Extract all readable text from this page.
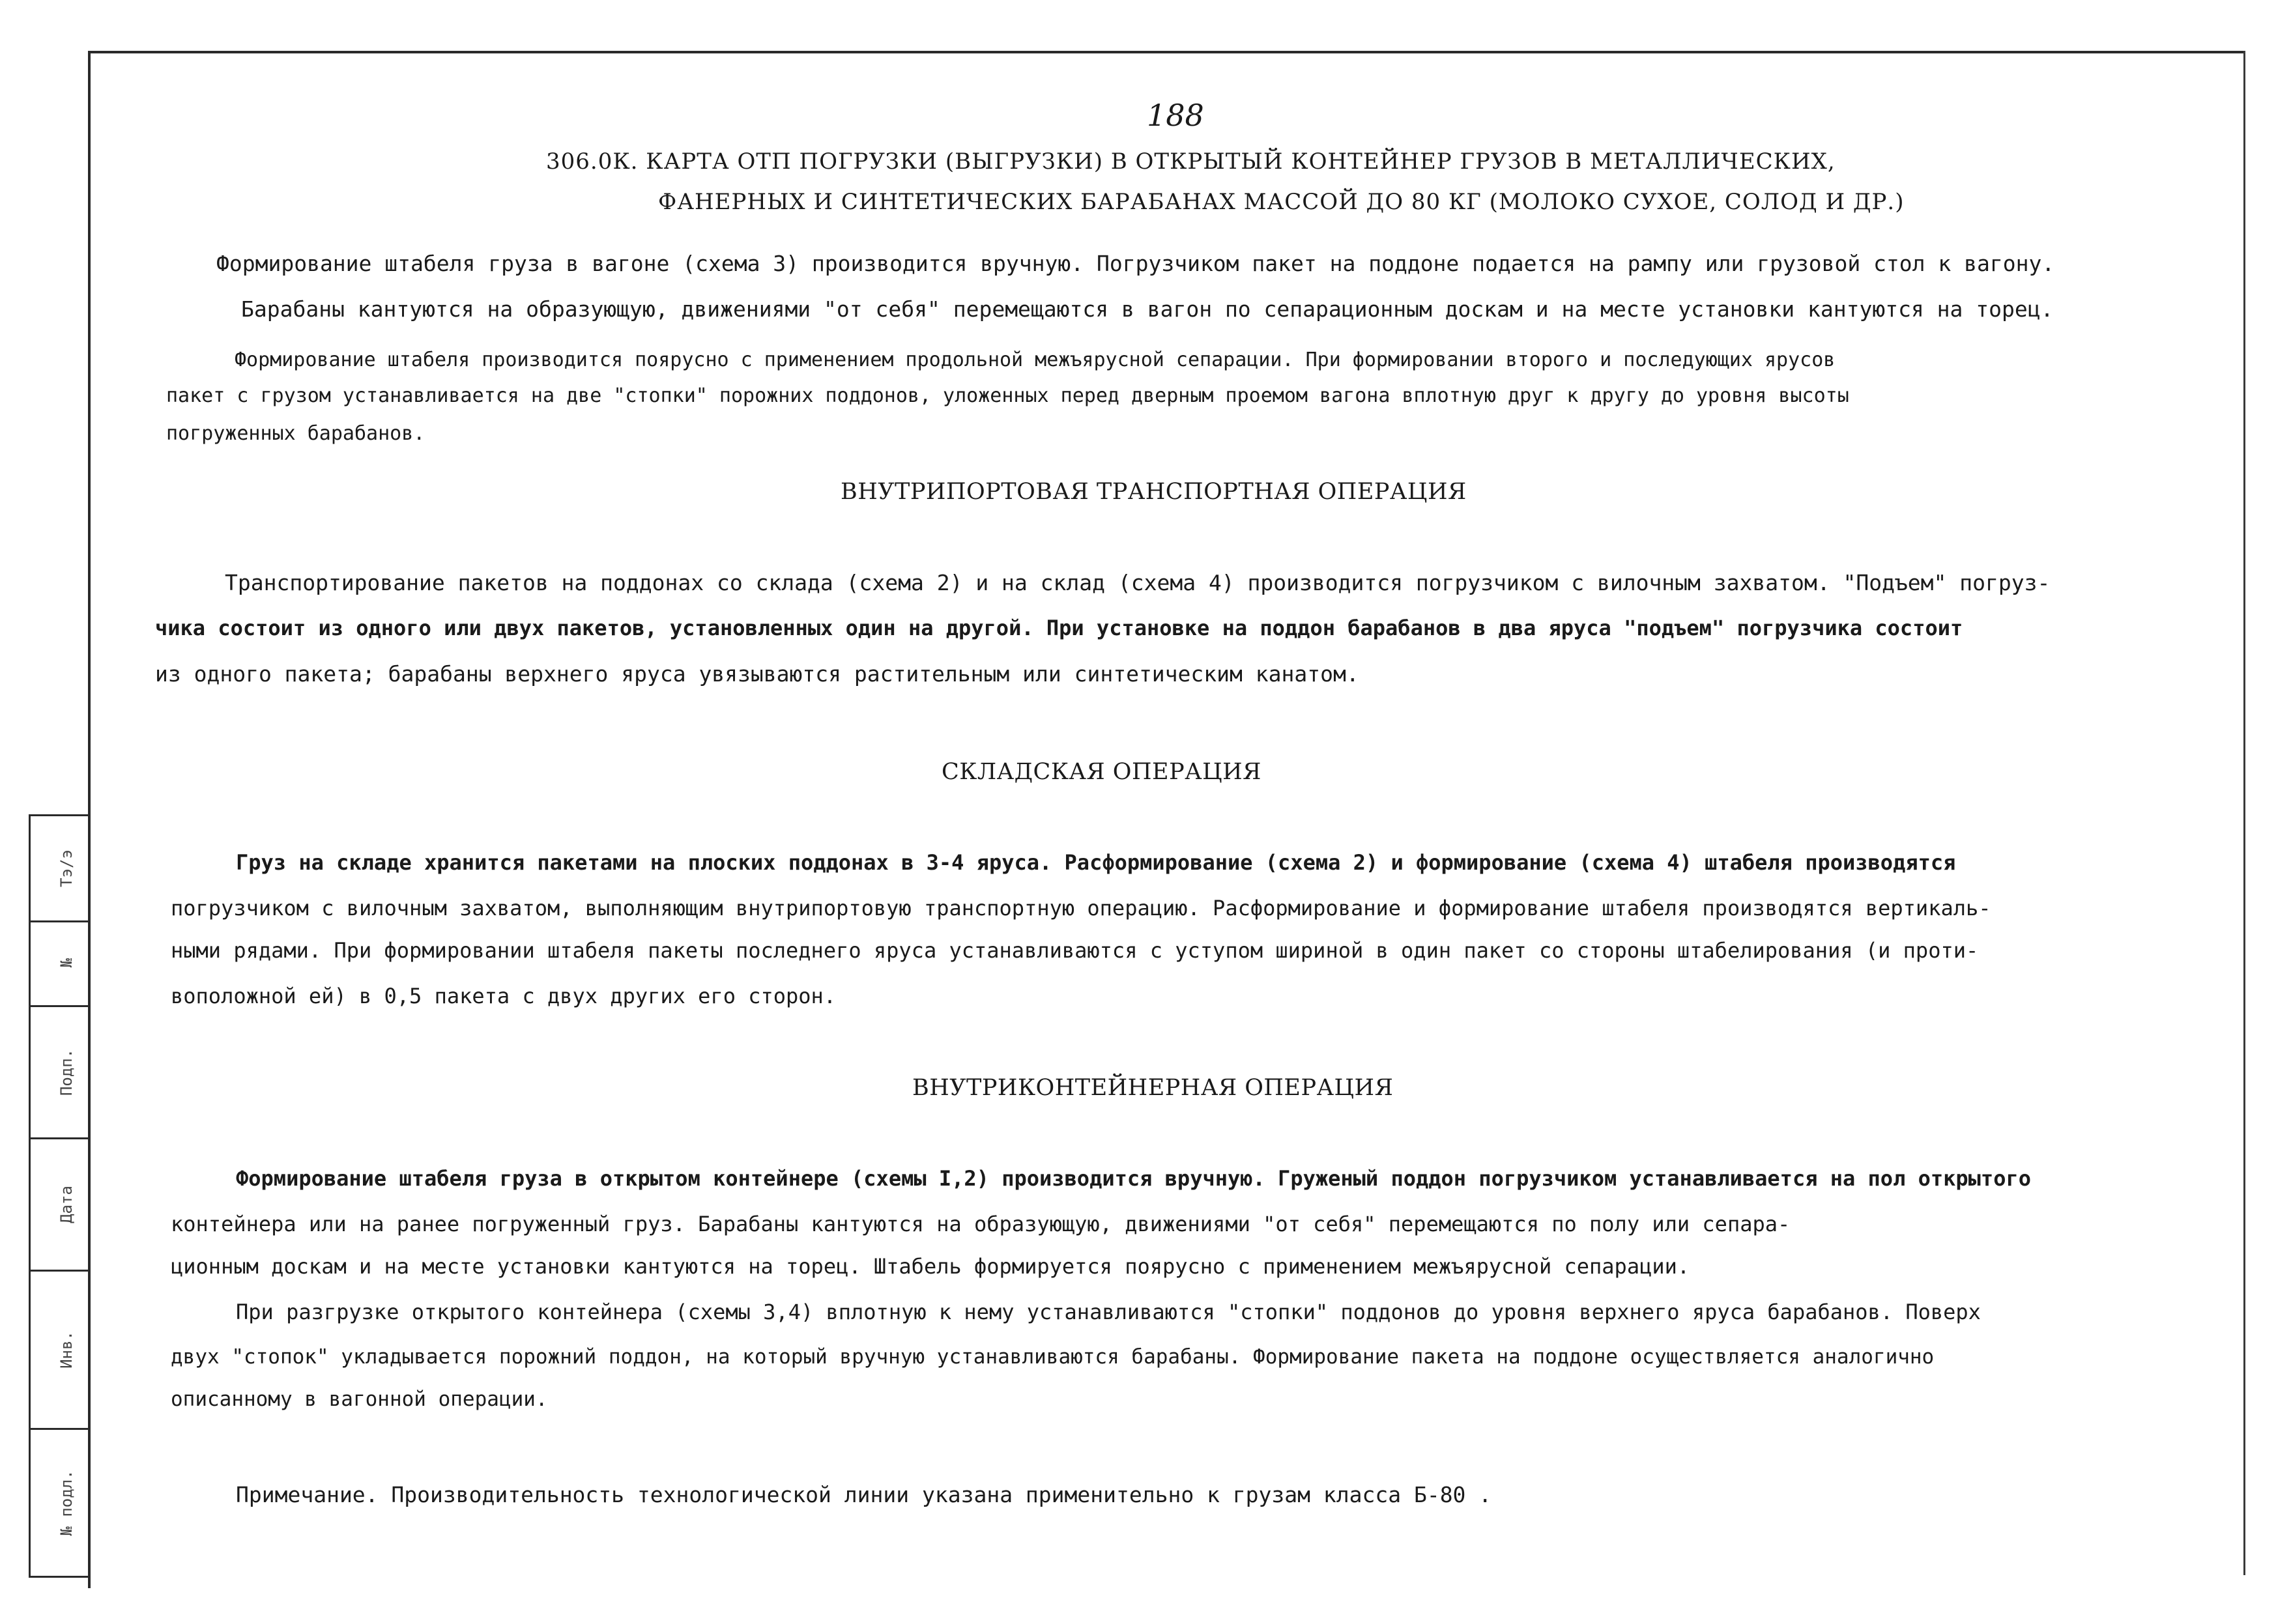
Тэ/э
№
Подп.
Дата
Инв.
№ подл.
188
306.0К. КАРТА ОТП ПОГРУЗКИ (ВЫГРУЗКИ) В ОТКРЫТЫЙ КОНТЕЙНЕР ГРУЗОВ В МЕТАЛЛИЧЕСКИХ,
ФАНЕРНЫХ И СИНТЕТИЧЕСКИХ БАРАБАНАХ МАССОЙ ДО 80 КГ (МОЛОКО СУХОЕ, СОЛОД И ДР.)
Формирование штабеля груза в вагоне (схема 3) производится вручную. Погрузчиком пакет на поддоне подается на рампу или грузовой стол к вагону.
Барабаны кантуются на образующую, движениями "от себя" перемещаются в вагон по сепарационным доскам и на месте установки кантуются на торец.
Формирование штабеля производится поярусно с применением продольной межъярусной сепарации. При формировании второго и последующих ярусов
пакет с грузом устанавливается на две "стопки" порожних поддонов, уложенных перед дверным проемом вагона вплотную друг к другу до уровня высоты
погруженных барабанов.
ВНУТРИПОРТОВАЯ ТРАНСПОРТНАЯ ОПЕРАЦИЯ
Транспортирование пакетов на поддонах со склада (схема 2) и на склад (схема 4) производится погрузчиком с вилочным захватом. "Подъем" погруз-
чика состоит из одного или двух пакетов, установленных один на другой. При установке на поддон барабанов в два яруса "подъем" погрузчика состоит
из одного пакета; барабаны верхнего яруса увязываются растительным или синтетическим канатом.
СКЛАДСКАЯ ОПЕРАЦИЯ
Груз на складе хранится пакетами на плоских поддонах в 3-4 яруса. Расформирование (схема 2) и формирование (схема 4) штабеля производятся
погрузчиком с вилочным захватом, выполняющим внутрипортовую транспортную операцию. Расформирование и формирование штабеля производятся вертикаль-
ными рядами. При формировании штабеля пакеты последнего яруса устанавливаются с уступом шириной в один пакет со стороны штабелирования (и проти-
воположной ей) в 0,5 пакета с двух других его сторон.
ВНУТРИКОНТЕЙНЕРНАЯ ОПЕРАЦИЯ
Формирование штабеля груза в открытом контейнере (схемы I,2) производится вручную. Груженый поддон погрузчиком устанавливается на пол открытого
контейнера или на ранее погруженный груз. Барабаны кантуются на образующую, движениями "от себя" перемещаются по полу или сепара-
ционным доскам и на месте установки кантуются на торец. Штабель формируется поярусно с применением межъярусной сепарации.
При разгрузке открытого контейнера (схемы 3,4) вплотную к нему устанавливаются "стопки" поддонов до уровня верхнего яруса барабанов. Поверх
двух "стопок" укладывается порожний поддон, на который вручную устанавливаются барабаны. Формирование пакета на поддоне осуществляется аналогично
описанному в вагонной операции.
Примечание. Производительность технологической линии указана применительно к грузам класса Б-80 .
